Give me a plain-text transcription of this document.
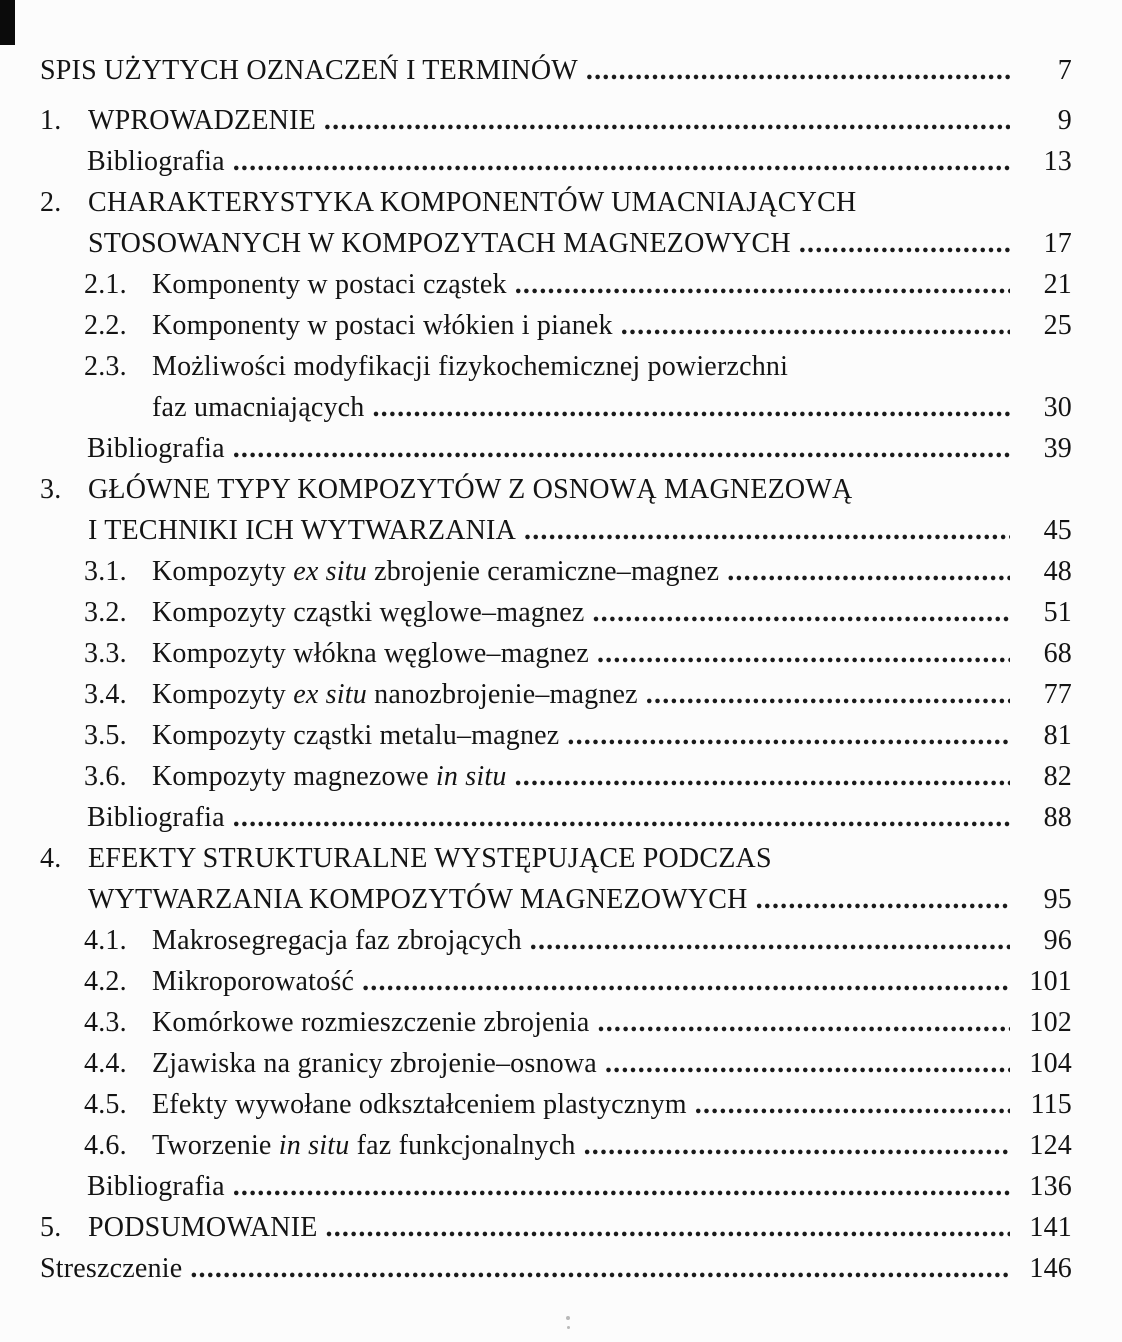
SPIS UŻYTYCH OZNACZEŃ I TERMINÓW .....	7
1. WPROWADZENIE .....	9
Bibliografia .....	13
2. CHARAKTERYSTYKA KOMPONENTÓW UMACNIAJĄCYCH
STOSOWANYCH W KOMPOZYTACH MAGNEZOWYCH .....	17
2.1. Komponenty w postaci cząstek .....	21
2.2. Komponenty w postaci włókien i pianek .....	25
2.3. Możliwości modyfikacji fizykochemicznej powierzchni
faz umacniających .....	30
Bibliografia .....	39
3. GŁÓWNE TYPY KOMPOZYTÓW Z OSNOWĄ MAGNEZOWĄ
I TECHNIKI ICH WYTWARZANIA .....	45
3.1. Kompozyty ex situ zbrojenie ceramiczne–magnez .....	48
3.2. Kompozyty cząstki węglowe–magnez .....	51
3.3. Kompozyty włókna węglowe–magnez .....	68
3.4. Kompozyty ex situ nanozbrojenie–magnez .....	77
3.5. Kompozyty cząstki metalu–magnez .....	81
3.6. Kompozyty magnezowe in situ .....	82
Bibliografia .....	88
4. EFEKTY STRUKTURALNE WYSTĘPUJĄCE PODCZAS
WYTWARZANIA KOMPOZYTÓW MAGNEZOWYCH .....	95
4.1. Makrosegregacja faz zbrojących .....	96
4.2. Mikroporowatość .....	101
4.3. Komórkowe rozmieszczenie zbrojenia .....	102
4.4. Zjawiska na granicy zbrojenie–osnowa .....	104
4.5. Efekty wywołane odkształceniem plastycznym .....	115
4.6. Tworzenie in situ faz funkcjonalnych .....	124
Bibliografia .....	136
5. PODSUMOWANIE .....	141
Streszczenie .....	146
